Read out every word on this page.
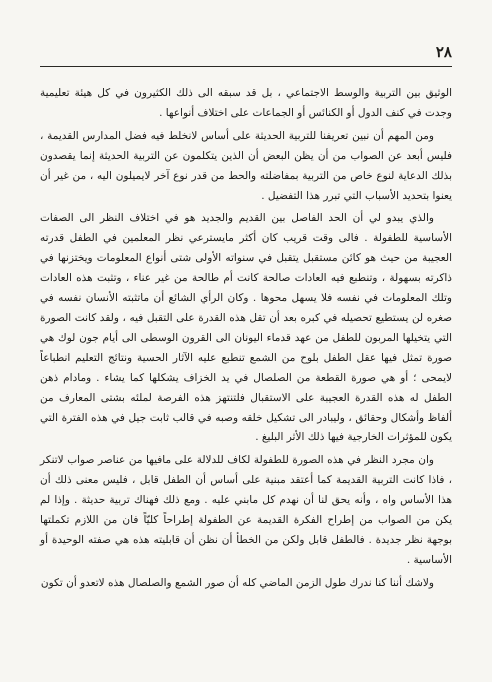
٢٨

الوثيق بين التربية والوسط الاجتماعي ، بل قد سبقه الى ذلك الكثيرون في كل هيئة تعليمية وجدت في كنف الدول أو الكنائس أو الجماعات على اختلاف أنواعها .

ومن المهم أن نبين تعريفنا للتربية الحديثة على أساس لانخلط فيه فضل المدارس القديمة ، فليس أبعد عن الصواب من أن يظن البعض أن الذين يتكلمون عن التربية الحديثة إنما يقصدون بذلك الدعاية لنوع خاص من التربية بمفاضلته والحط من قدر نوع آخر لايميلون اليه ، من غير أن يعنوا بتحديد الأسباب التي تبرر هذا التفضيل .

والذي يبدو لي أن الحد الفاصل بين القديم والجديد هو في اختلاف النظر الى الصفات الأساسية للطفولة . فالى وقت قريب كان أكثر مايسترعي نظر المعلمين في الطفل قدرته العجيبة من حيث هو كائن مستقبل يتقبل في سنواته الأولى شتى أنواع المعلومات ويختزنها في ذاكرته بسهولة ، وتنطبع فيه العادات صالحة كانت أم طالحة من غير عناء ، وتثبت هذه العادات وتلك المعلومات في نفسه فلا يسهل محوها . وكان الرأي الشائع أن ماتثبته الأنسان نفسه في صغره لن يستطيع تحصيله في كبره بعد أن تقل هذه القدرة على التقبل فيه ، ولقد كانت الصورة التي يتخيلها المربون للطفل من عهد قدماء اليونان الى القرون الوسطى الى أيام جون لوك هي صورة تمثل فيها عقل الطفل بلوح من الشمع تنطبع عليه الآثار الحسية ونتائج التعليم انطباعاً لايمحى ؛ أو هي صورة القطعة من الصلصال في يد الخزاف يشكلها كما يشاء . ومادام ذهن الطفل له هذه القدرة العجيبة على الاستقبال فلتنتهز هذه الفرصة لملئه بشتى المعارف من ألفاظ وأشكال وحقائق ، وليبادر الى تشكيل خلقه وصبه في قالب ثابت جيل في هذه الفترة التي يكون للمؤثرات الخارجية فيها ذلك الأثر البليغ .

وان مجرد النظر في هذه الصورة للطفولة لكاف للدلالة على مافيها من عناصر صواب لاتنكر ، فاذا كانت التربية القديمة كما أعتقد مبنية على أساس أن الطفل قابل ، فليس معنى ذلك أن هذا الأساس واه ، وأنه يحق لنا أن نهدم كل مابني عليه . ومع ذلك فهناك تربية حديثة . وإذا لم يكن من الصواب من إطراح الفكرة القديمة عن الطفولة إطراحاً كليّاً فان من اللازم تكملتها بوجهة نظر جديدة . فالطفل قابل ولكن من الخطأ أن نظن أن قابليته هذه هي صفته الوحيدة أو الأساسية .

ولاشك أننا كنا ندرك طول الزمن الماضي كله أن صور الشمع والصلصال هذه لاتعدو أن تكون
